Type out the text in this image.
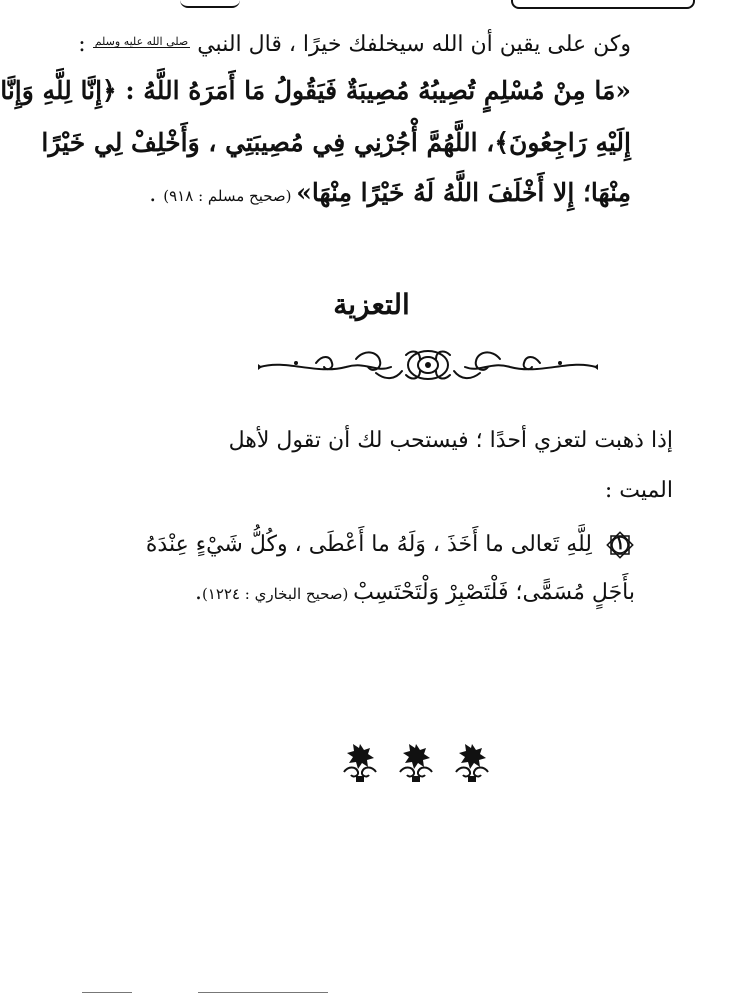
وكن على يقين أن الله سيخلفك خيرًا ، قال النبي صلى الله عليه وسلم :
«مَا مِنْ مُسْلِمٍ تُصِيبُهُ مُصِيبَةٌ فَيَقُولُ مَا أَمَرَهُ اللَّهُ : ﴿إِنَّا لِلَّهِ وَإِنَّا
إِلَيْهِ رَاجِعُونَ﴾، اللَّهُمَّ أْجُرْنِي فِي مُصِيبَتِي ، وَأَخْلِفْ لِي خَيْرًا
مِنْهَا؛ إِلا أَخْلَفَ اللَّهُ لَهُ خَيْرًا مِنْهَا» (صحيح مسلم : ٩١٨) .
التعزية
إذا ذهبت لتعزي أحدًا ؛ فيستحب لك أن تقول لأهل
الميت :
١
لِلَّهِ تَعالى ما أَخَذَ ، وَلَهُ ما أَعْطَى ، وكُلُّ شَيْءٍ عِنْدَهُ
بأَجَلٍ مُسَمًّى؛ فَلْتَصْبِرْ وَلْتَحْتَسِبْ (صحيح البخاري : ١٢٢٤).
